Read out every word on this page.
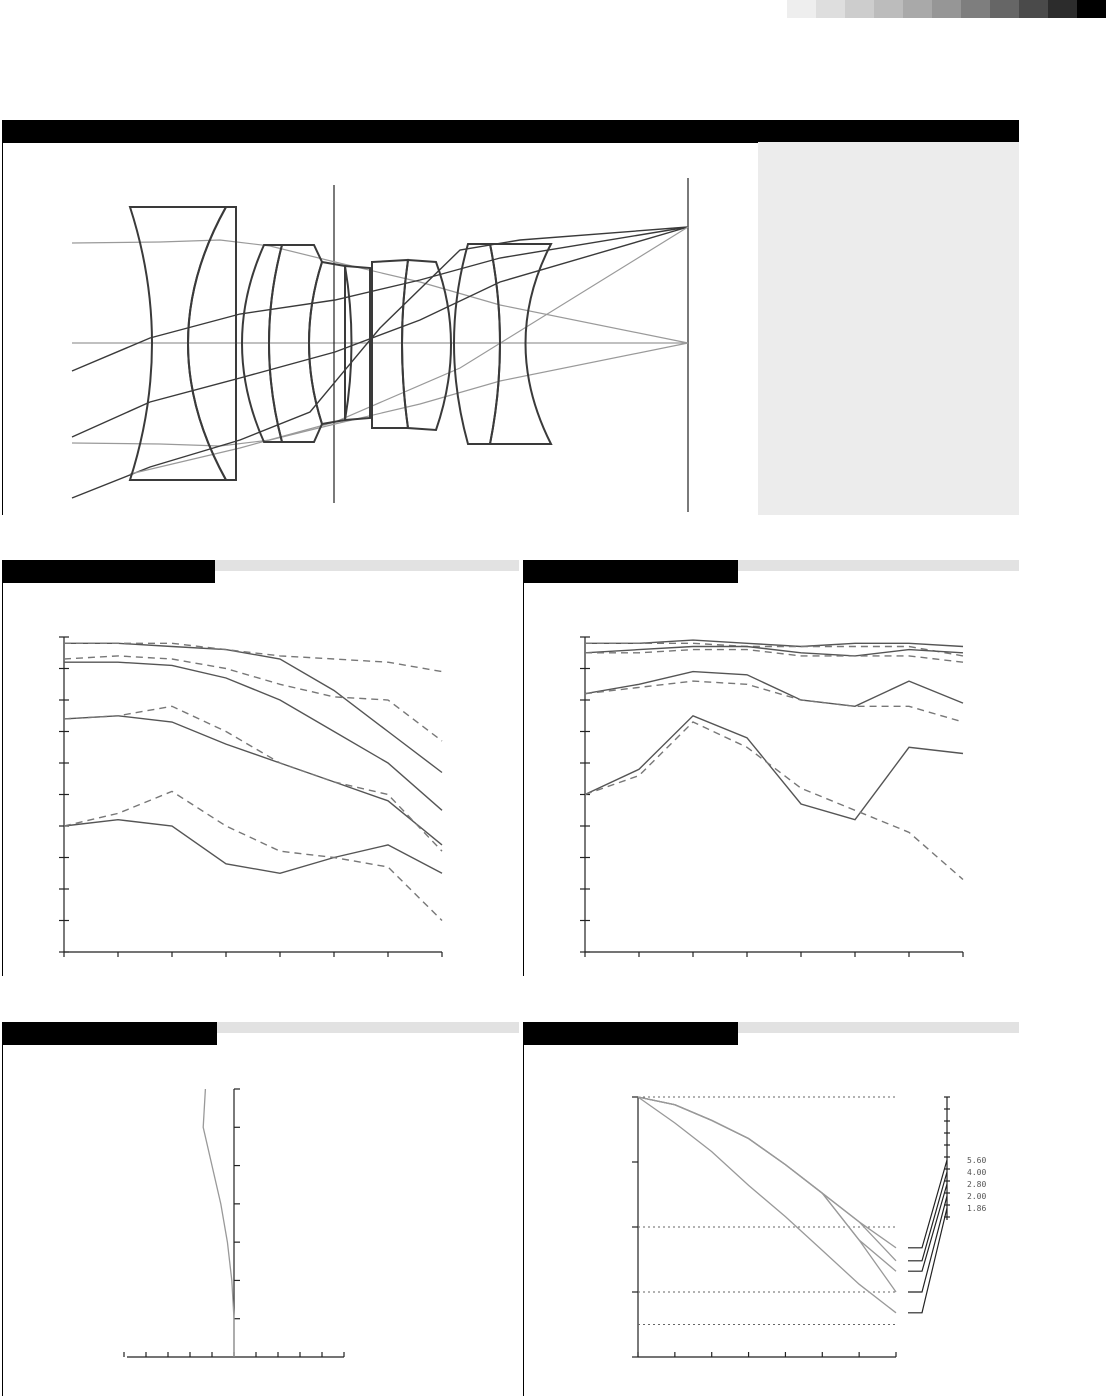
5.60
4.00
2.80
2.00
1.86
